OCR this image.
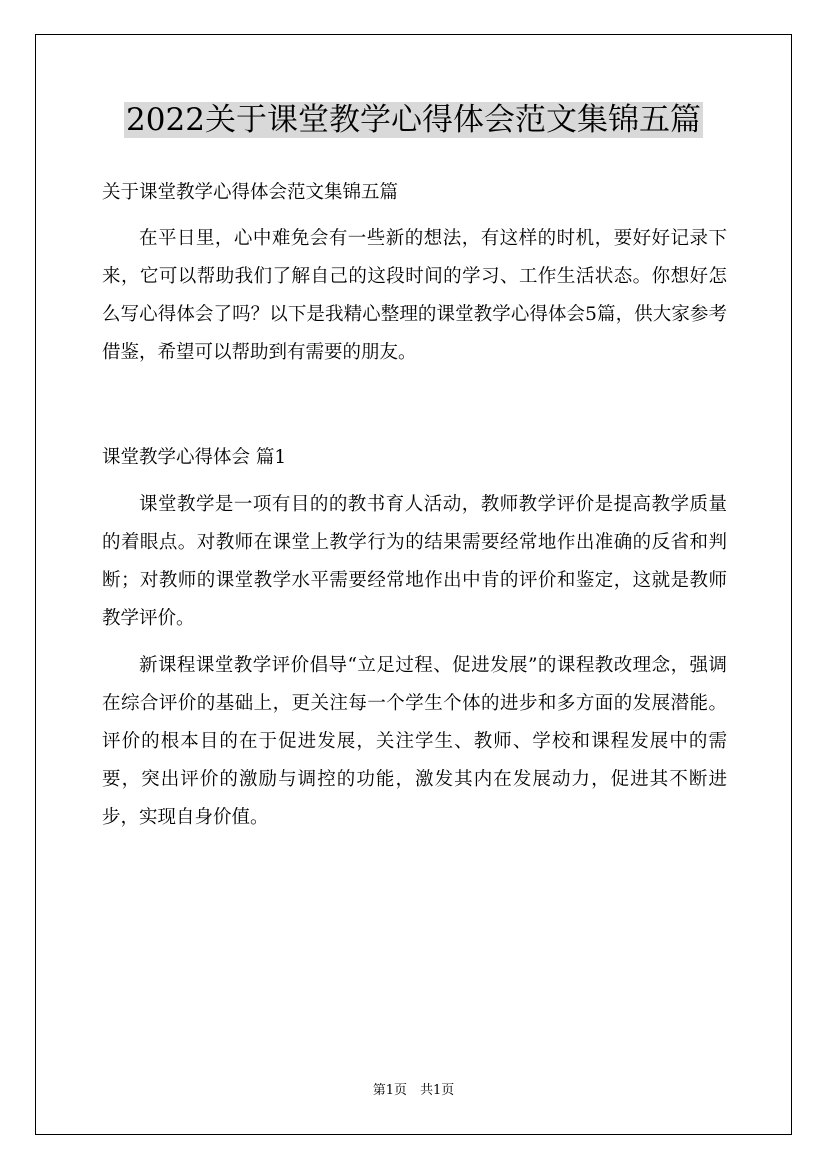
2022关于课堂教学心得体会范文集锦五篇

关于课堂教学心得体会范文集锦五篇

在平日里，心中难免会有一些新的想法，有这样的时机，要好好记录下来，它可以帮助我们了解自己的这段时间的学习、工作生活状态。你想好怎么写心得体会了吗？以下是我精心整理的课堂教学心得体会5篇，供大家参考借鉴，希望可以帮助到有需要的朋友。

课堂教学心得体会 篇1

课堂教学是一项有目的的教书育人活动，教师教学评价是提高教学质量的着眼点。对教师在课堂上教学行为的结果需要经常地作出准确的反省和判断；对教师的课堂教学水平需要经常地作出中肯的评价和鉴定，这就是教师教学评价。

新课程课堂教学评价倡导“立足过程、促进发展”的课程教改理念，强调在综合评价的基础上，更关注每一个学生个体的进步和多方面的发展潜能。评价的根本目的在于促进发展，关注学生、教师、学校和课程发展中的需要，突出评价的激励与调控的功能，激发其内在发展动力，促进其不断进步，实现自身价值。

第1页　共1页
